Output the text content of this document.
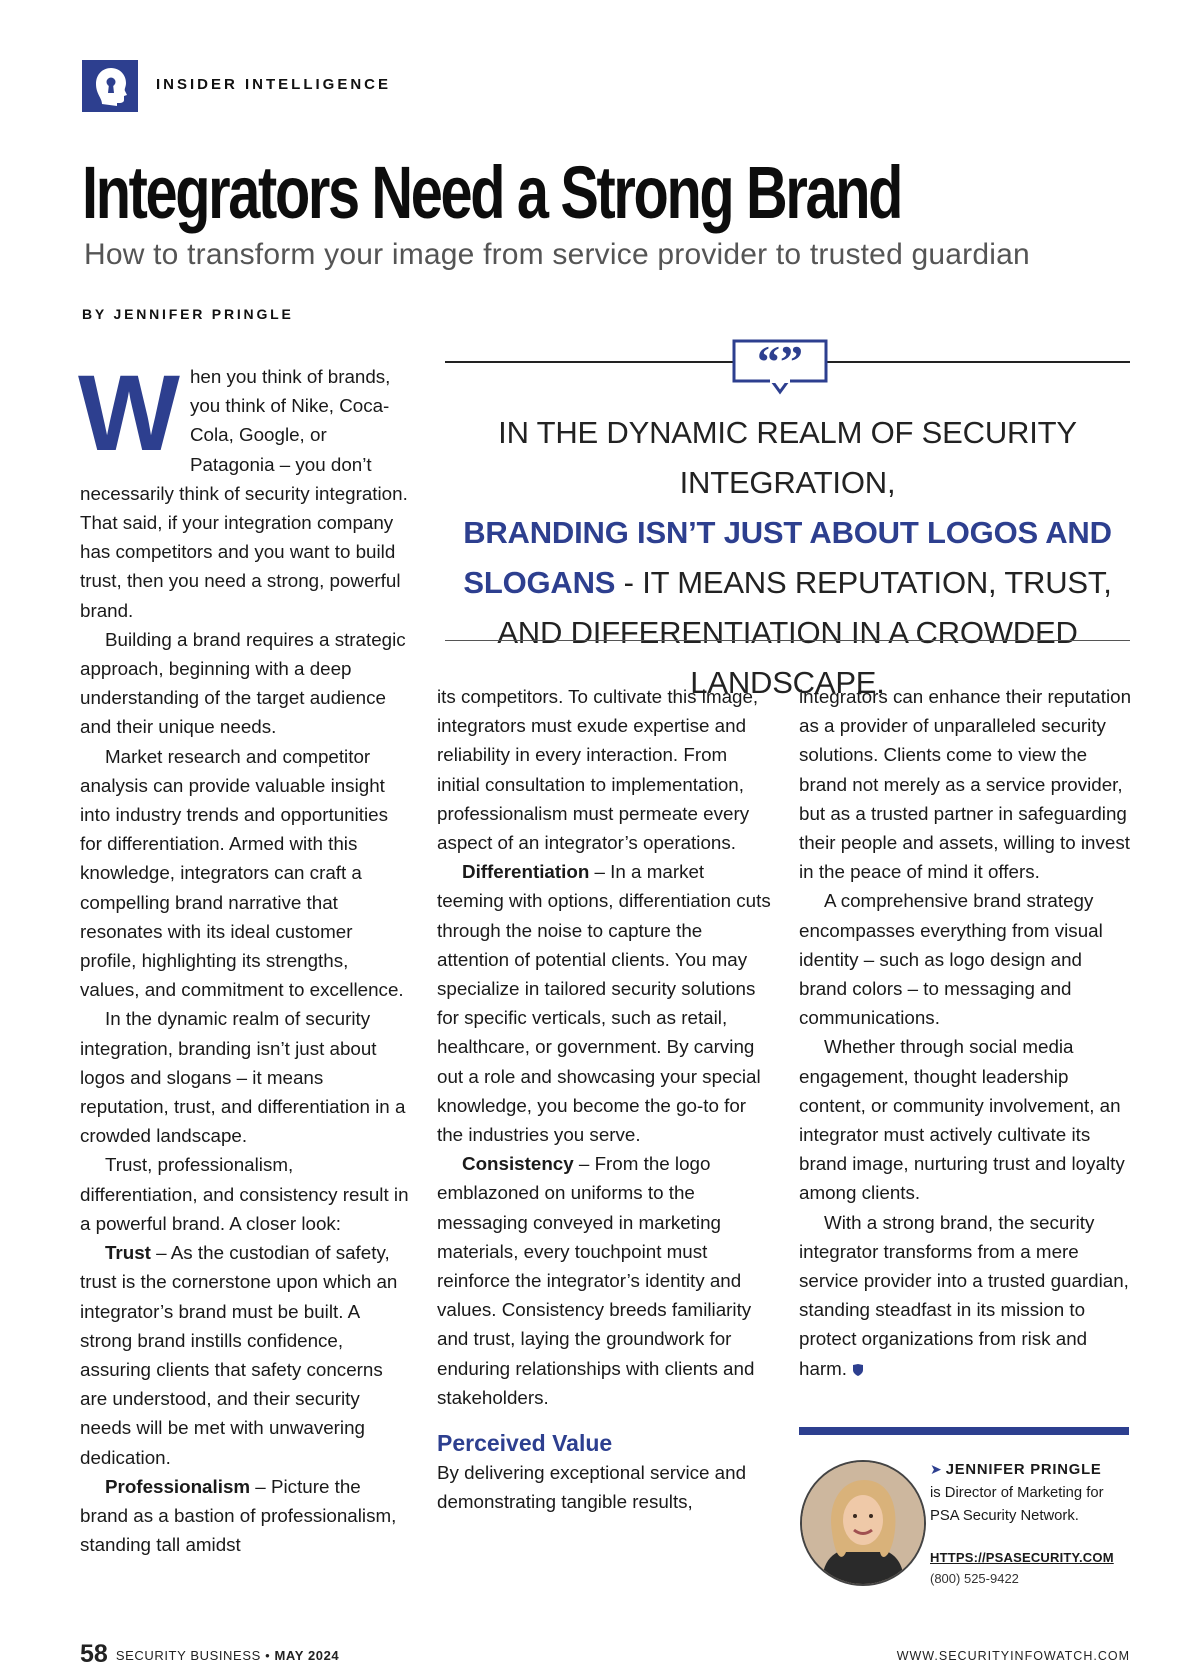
INSIDER INTELLIGENCE
Integrators Need a Strong Brand
How to transform your image from service provider to trusted guardian
BY JENNIFER PRINGLE
“”
IN THE DYNAMIC REALM OF SECURITY INTEGRATION,
BRANDING ISN’T JUST ABOUT LOGOS AND SLOGANS - IT MEANS REPUTATION, TRUST, AND DIFFERENTIATION IN A CROWDED LANDSCAPE.

When you think of brands, you think of Nike, Coca-Cola, Google, or Patagonia – you don’t necessarily think of security integration. That said, if your integration company has competitors and you want to build trust, then you need a strong, powerful brand.

Building a brand requires a strategic approach, beginning with a deep understanding of the target audience and their unique needs.

Market research and competitor analysis can provide valuable insight into industry trends and opportunities for differentiation. Armed with this knowledge, integrators can craft a compelling brand narrative that resonates with its ideal customer profile, highlighting its strengths, values, and commitment to excellence.

In the dynamic realm of security integration, branding isn’t just about logos and slogans – it means reputation, trust, and differentiation in a crowded landscape.

Trust, professionalism, differentiation, and consistency result in a powerful brand. A closer look:

Trust – As the custodian of safety, trust is the cornerstone upon which an integrator’s brand must be built. A strong brand instills confidence, assuring clients that safety concerns are understood, and their security needs will be met with unwavering dedication.

Professionalism – Picture the brand as a bastion of professionalism, standing tall amidst

its competitors. To cultivate this image, integrators must exude expertise and reliability in every interaction. From initial consultation to implementation, professionalism must permeate every aspect of an integrator’s operations.

Differentiation – In a market teeming with options, differentiation cuts through the noise to capture the attention of potential clients. You may specialize in tailored security solutions for specific verticals, such as retail, healthcare, or government. By carving out a role and showcasing your special knowledge, you become the go-to for the industries you serve.

Consistency – From the logo emblazoned on uniforms to the messaging conveyed in marketing materials, every touchpoint must reinforce the integrator’s identity and values. Consistency breeds familiarity and trust, laying the groundwork for enduring relationships with clients and stakeholders.

Perceived Value

By delivering exceptional service and demonstrating tangible results,

integrators can enhance their reputation as a provider of unparalleled security solutions. Clients come to view the brand not merely as a service provider, but as a trusted partner in safeguarding their people and assets, willing to invest in the peace of mind it offers.

A comprehensive brand strategy encompasses everything from visual identity – such as logo design and brand colors – to messaging and communications.

Whether through social media engagement, thought leadership content, or community involvement, an integrator must actively cultivate its brand image, nurturing trust and loyalty among clients.

With a strong brand, the security integrator transforms from a mere service provider into a trusted guardian, standing steadfast in its mission to protect organizations from risk and harm.

➤ JENNIFER PRINGLE
is Director of Marketing for PSA Security Network.
HTTPS://PSASECURITY.COM
(800) 525-9422
58 SECURITY BUSINESS • MAY 2024	WWW.SECURITYINFOWATCH.COM
